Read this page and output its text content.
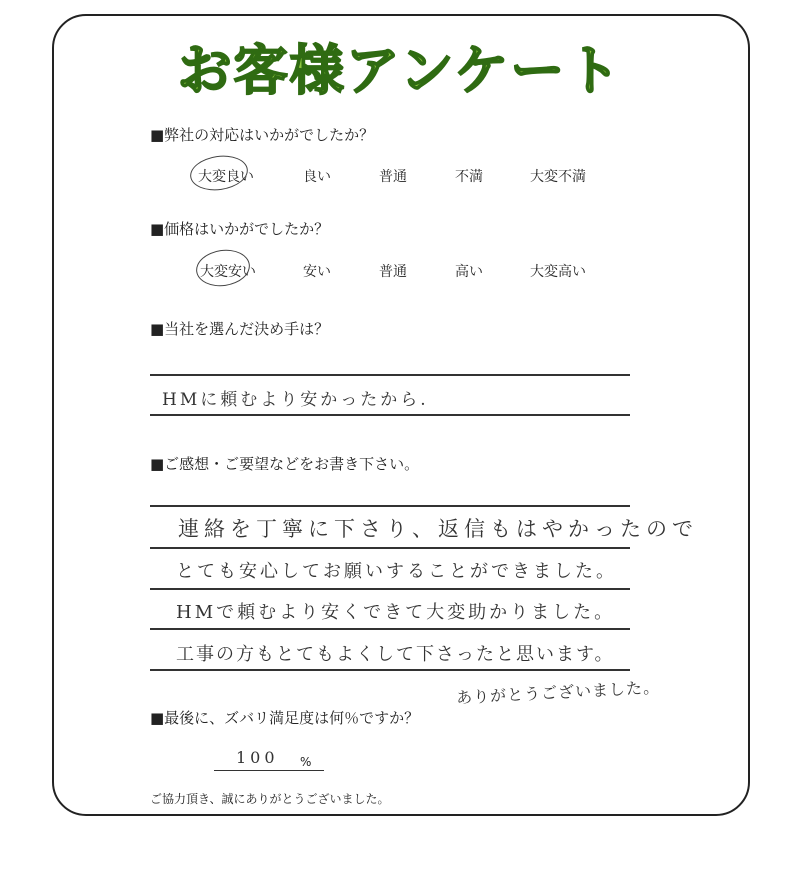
お客様アンケート
■弊社の対応はいかがでしたか？
大変良い	良い	普通	不満	大変不満
■価格はいかがでしたか？
大変安い	安い	普通	高い	大変高い
■当社を選んだ決め手は？
HMに頼むより安かったから.
■ご感想・ご要望などをお書き下さい。
連絡を丁寧に下さり、返信もはやかったので
とても安心してお願いすることができました。
HMで頼むより安くできて大変助かりました。
工事の方もとてもよくして下さったと思います。
ありがとうございました。
■最後に、ズバリ満足度は何％ですか？
100 %
ご協力頂き、誠にありがとうございました。
